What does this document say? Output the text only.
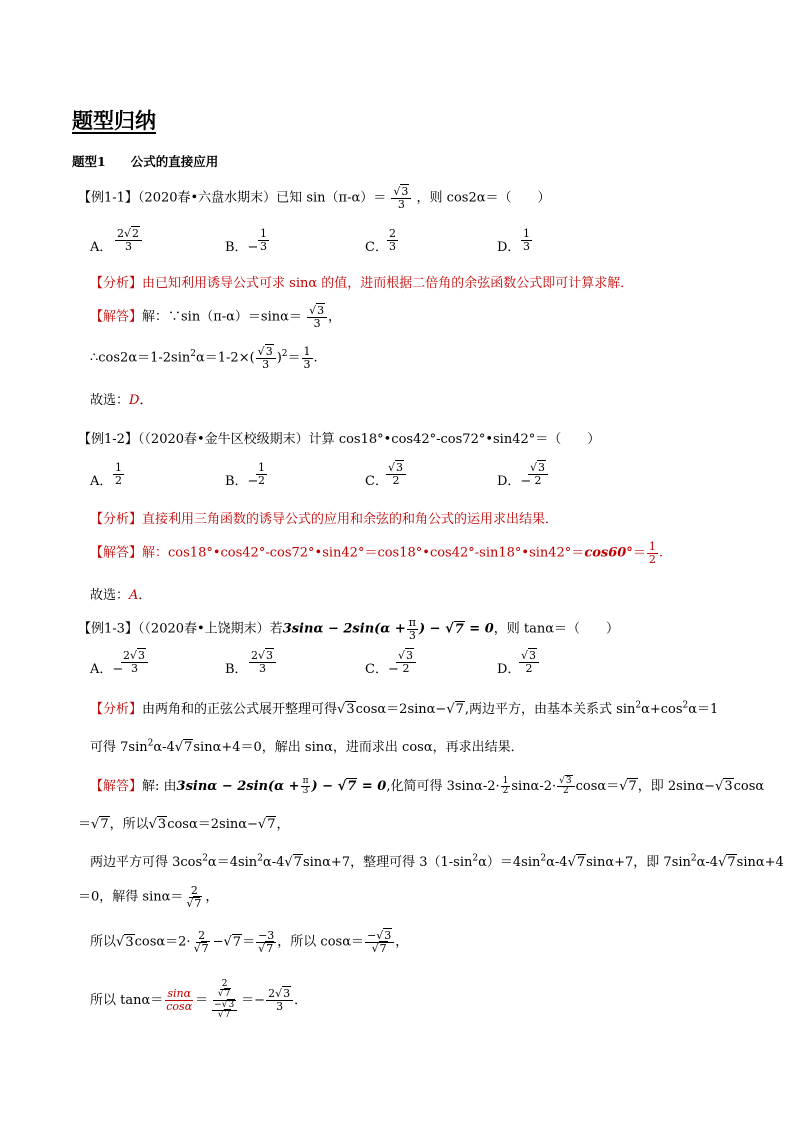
题型归纳
题型1　　公式的直接应用
【例1-1】（2020春•六盘水期末）已知 $\sin(\pi-\alpha)= \frac{√3}{3}$ ，则 cos2α＝（　　）
A． $\frac{2√2}{3}$	B．− $\frac{1}{3}$	C． $\frac{2}{3}$	D． $\frac{1}{3}$
【分析】由已知利用诱导公式可求 sinα 的值，进而根据二倍角的余弦函数公式即可计算求解．
【解答】解：∵sin（π-α）＝sinα＝ $\frac{√3}{3}$ ，
$\therefore\cos 2\alpha=1-2\sin^2\alpha=1-2\times( \frac{√3}{3} )^2= \frac{1}{3}$ .
故选：D．
【例1-2】（（2020春•金牛区校级期末）计算 cos18°•cos42°-cos72°•sin42°＝（　　）
A． $\frac{1}{2}$	B．−
$\frac{1}{2}$	C．
$\frac{√3}{2}$	D．−
$\frac{√3}{2}$
【分析】直接利用三角函数的诱导公式的应用和余弦的和角公式的运用求出结果．
【解答】解：cos18°•cos42°-cos72°•sin42°＝cos18°•cos42°-sin18°•sin42°＝cos60°＝ $\frac{1}{2}$ .
故选：A．
【例1-3】（（2020春•上饶期末）若$3\sin\alpha - 2\sin(\alpha + \frac{\pi}{3}$ ) − √7 = 0，则 tanα＝（　　）
A．−
$\frac{2√3}{3}$	B． $\frac{2√3}{3}$	C．−
$\frac{√3}{2}$	D．
$\frac{√3}{2}$
【分析】由两角和的正弦公式展开整理可得√3cosα＝2sinα−√7,两边平方，由基本关系式 $\sin^2\alpha+\cos^2\alpha=1$
可得 $7\sin^2\alpha-4√7\sin\alpha+4=0$，解出 sinα，进而求出 cosα，再求出结果．
【解答】解: 由$3\sin\alpha - 2\sin(\alpha + \frac{\pi}{3}$ ) − √7 = 0,化简可得 $3\sin\alpha-2\cdot \frac{1}{2} \sin\alpha-2\cdot \frac{√3}{2} \cos\alpha=√7$，即 2sinα−√3cosα
＝√7，所以√3cosα＝2sinα−√7，
两边平方可得 $3\cos^2\alpha=4\sin^2\alpha-4√7\sin\alpha+7$，整理可得 $3(1-\sin^2\alpha)=4\sin^2\alpha-4√7\sin\alpha+7$，即 $7\sin^2\alpha-4√7\sin\alpha+4$
＝0，解得 $\sin\alpha= \frac{2}{√7}$ ，
所以$√3\cos\alpha=2\cdot \frac{2}{√7} -√7= \frac{-3}{√7}$ ，所以 $\cos\alpha= \frac{-√3}{√7}$ ，
所以 $\tan\alpha= \frac{\sin\alpha}{\cos\alpha} = \frac{\frac{2}{√7}}{\frac{-√3}{√7}} =- \frac{2√3}{3}$ ．
